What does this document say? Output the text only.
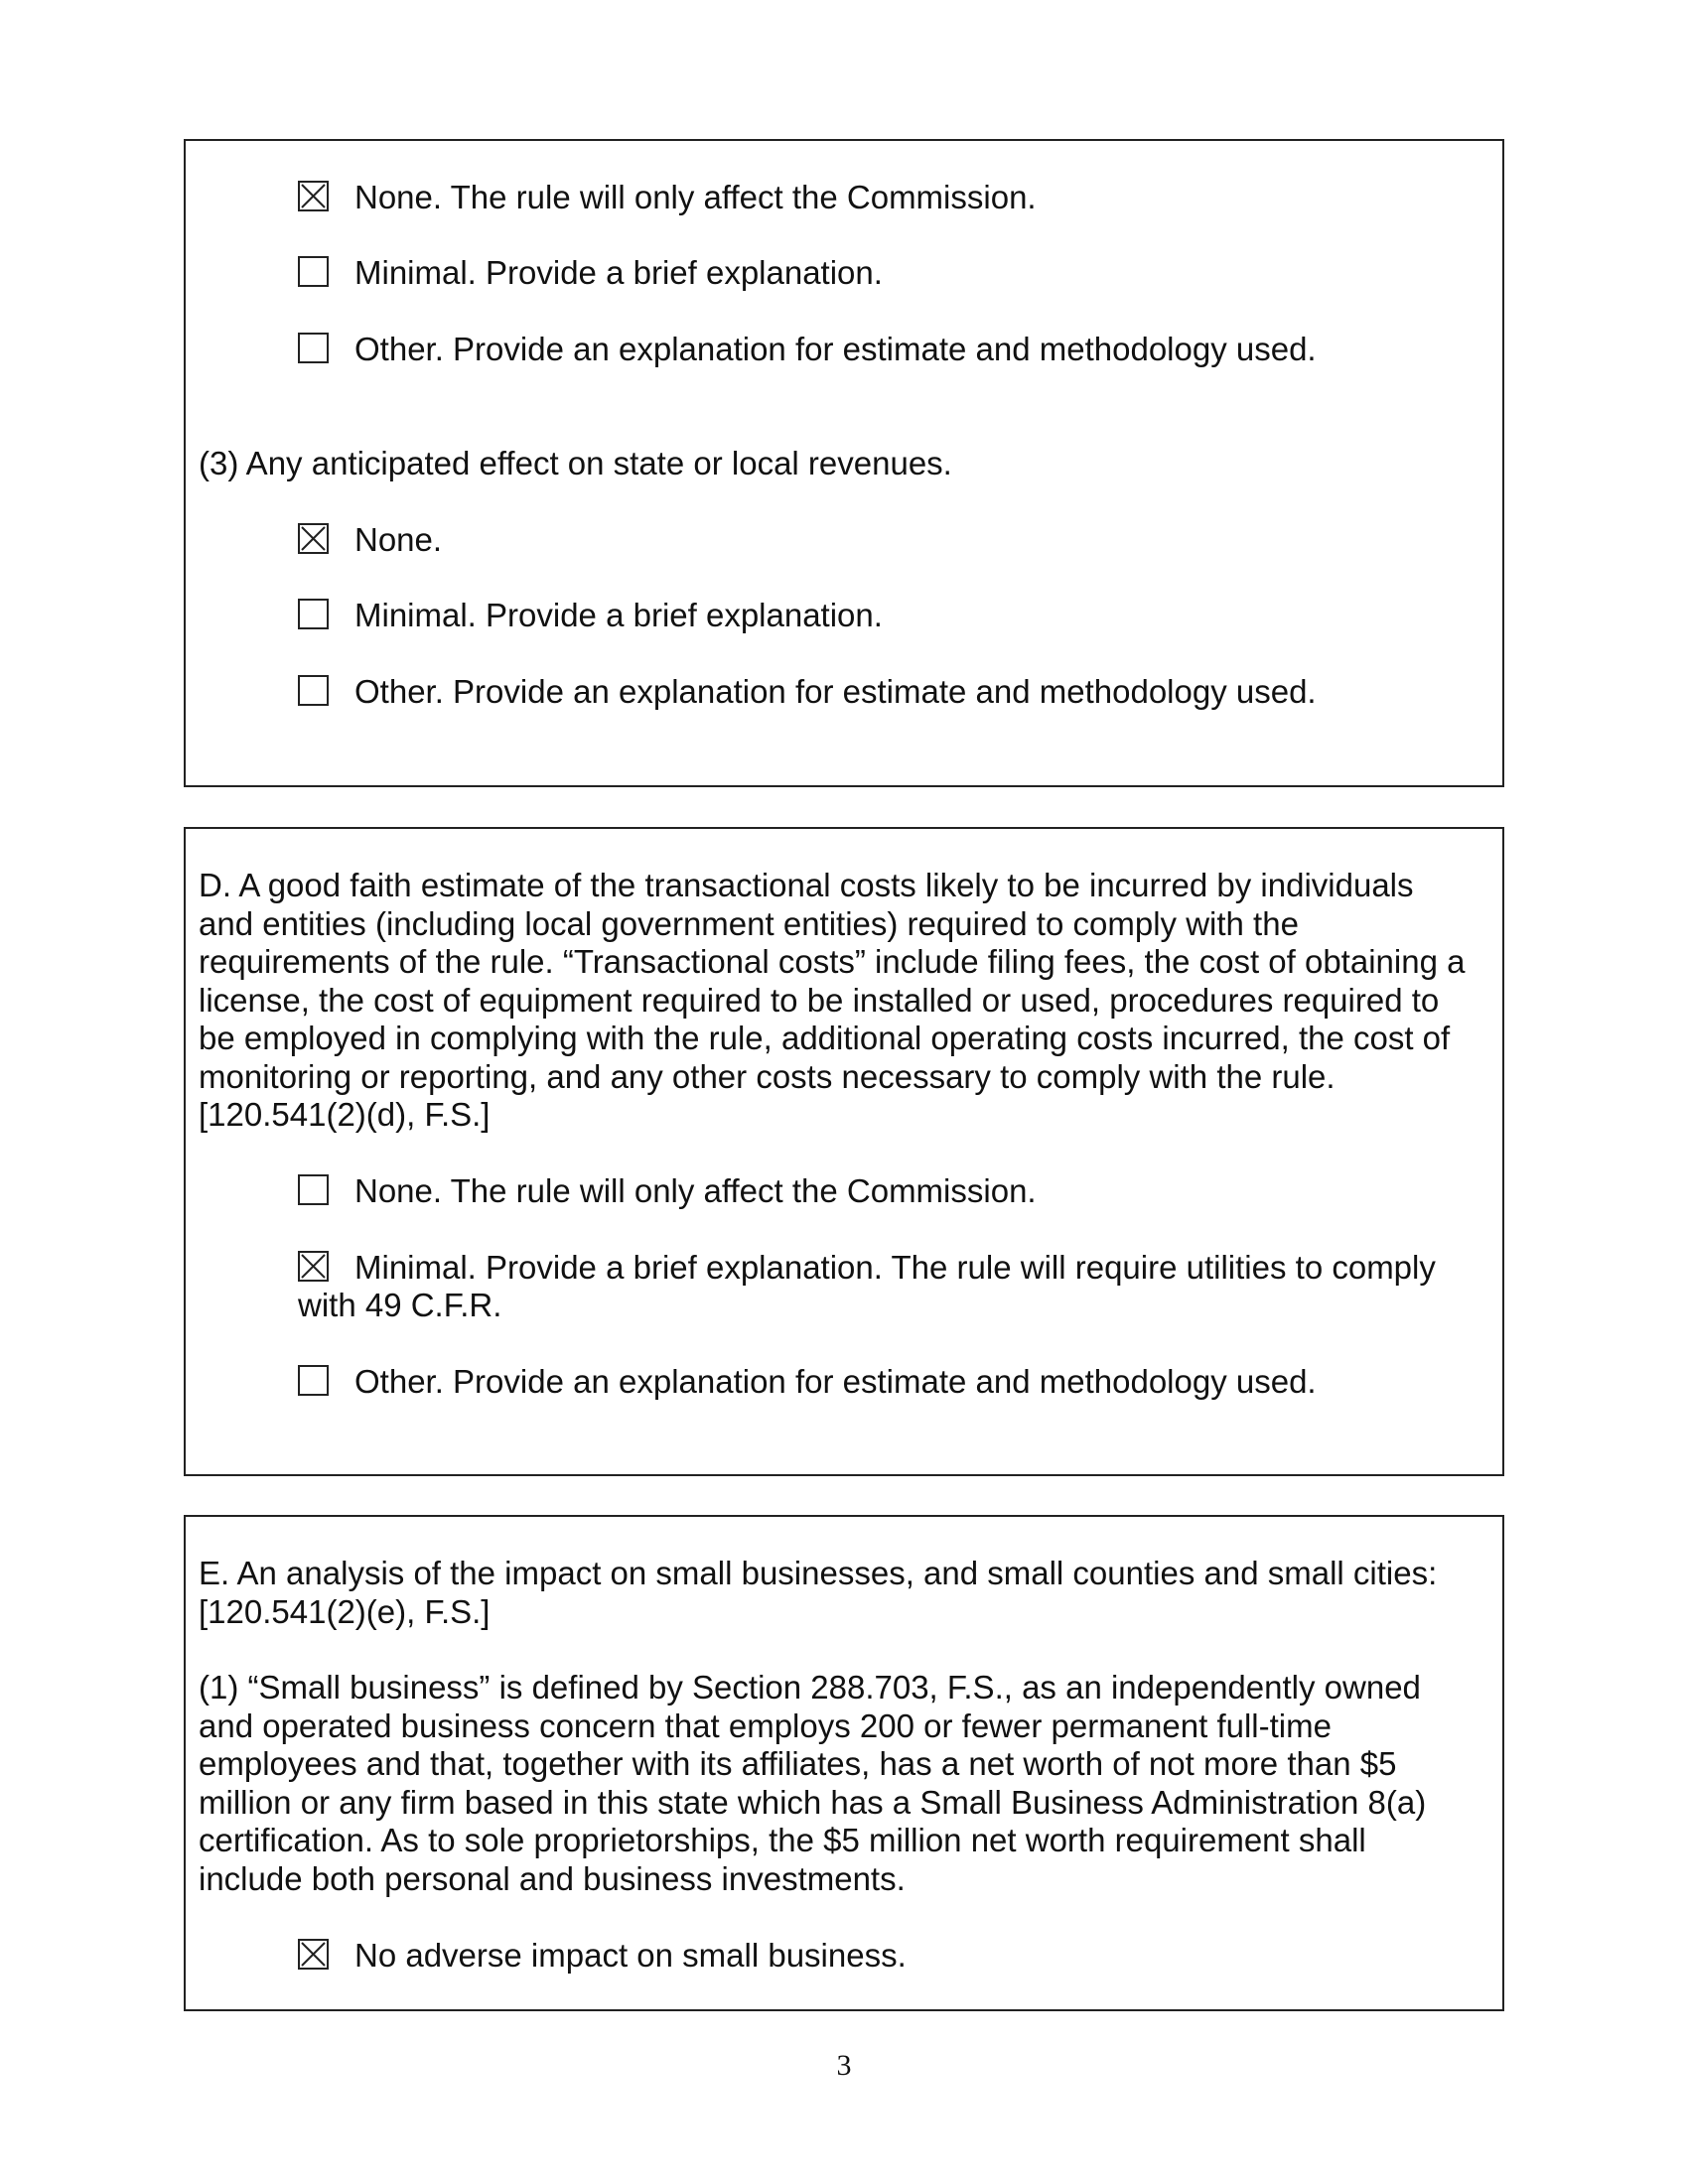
None. The rule will only affect the Commission.
Minimal. Provide a brief explanation.
Other. Provide an explanation for estimate and methodology used.
(3) Any anticipated effect on state or local revenues.
None.
Minimal. Provide a brief explanation.
Other. Provide an explanation for estimate and methodology used.
D. A good faith estimate of the transactional costs likely to be incurred by individuals
and entities (including local government entities) required to comply with the
requirements of the rule. “Transactional costs” include filing fees, the cost of obtaining a
license, the cost of equipment required to be installed or used, procedures required to
be employed in complying with the rule, additional operating costs incurred, the cost of
monitoring or reporting, and any other costs necessary to comply with the rule.
[120.541(2)(d), F.S.]
None. The rule will only affect the Commission.
Minimal. Provide a brief explanation. The rule will require utilities to comply with 49 C.F.R.
Other. Provide an explanation for estimate and methodology used.
E. An analysis of the impact on small businesses, and small counties and small cities:
[120.541(2)(e), F.S.]
(1) “Small business” is defined by Section 288.703, F.S., as an independently owned
and operated business concern that employs 200 or fewer permanent full-time
employees and that, together with its affiliates, has a net worth of not more than $5
million or any firm based in this state which has a Small Business Administration 8(a)
certification. As to sole proprietorships, the $5 million net worth requirement shall
include both personal and business investments.
No adverse impact on small business.
3
